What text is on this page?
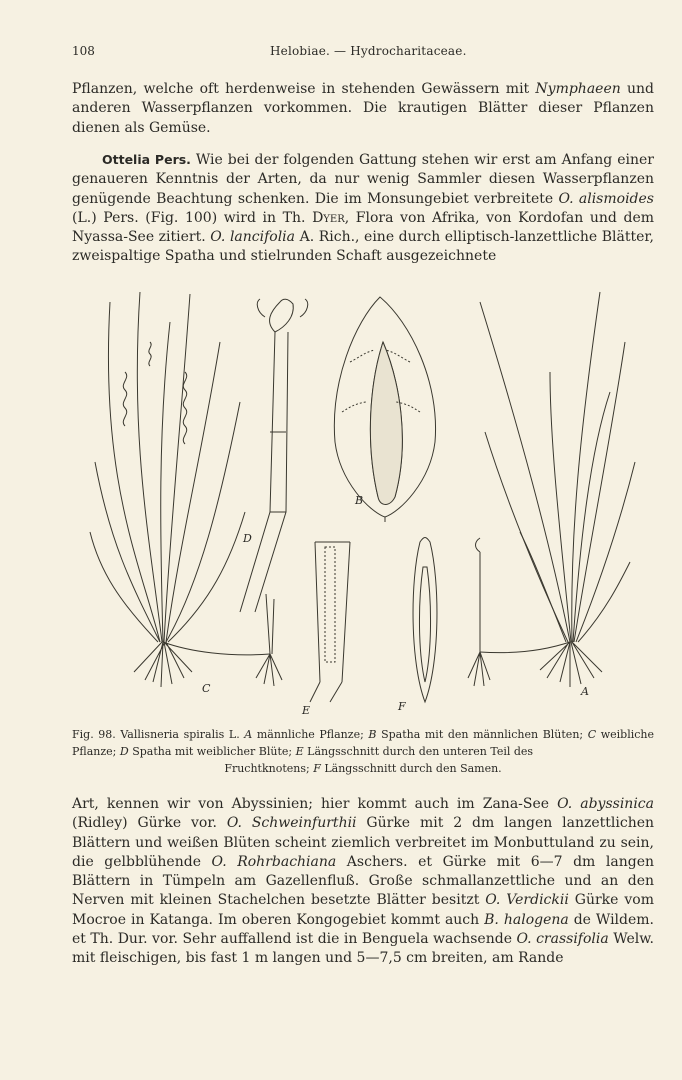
108	Helobiae. — Hydrocharitaceae.
Pflanzen, welche oft herdenweise in stehenden Gewässern mit Nymphaeen und anderen Wasserpflanzen vorkommen. Die krautigen Blätter dieser Pflanzen dienen als Gemüse.
Ottelia Pers. Wie bei der folgenden Gattung stehen wir erst am Anfang einer genaueren Kenntnis der Arten, da nur wenig Sammler diesen Wasserpflanzen genügende Beachtung schenken. Die im Monsungebiet verbreitete O. alismoides (L.) Pers. (Fig. 100) wird in Th. Dyer, Flora von Afrika, von Kordofan und dem Nyassa-See zitiert. O. lancifolia A. Rich., eine durch elliptisch-lanzettliche Blätter, zweispaltige Spatha und stielrunden Schaft ausgezeichnete
A
B
C
D
E	F
Fig. 98. Vallisneria spiralis L. A männliche Pflanze; B Spatha mit den männlichen Blüten; C weibliche Pflanze; D Spatha mit weiblicher Blüte; E Längsschnitt durch den unteren Teil des
Fruchtknotens; F Längsschnitt durch den Samen.
Art, kennen wir von Abyssinien; hier kommt auch im Zana-See O. abyssinica (Ridley) Gürke vor. O. Schweinfurthii Gürke mit 2 dm langen lanzettlichen Blättern und weißen Blüten scheint ziemlich verbreitet im Monbuttuland zu sein, die gelbblühende O. Rohrbachiana Aschers. et Gürke mit 6—7 dm langen Blättern in Tümpeln am Gazellenfluß. Große schmallanzettliche und an den Nerven mit kleinen Stachelchen besetzte Blätter besitzt O. Verdickii Gürke vom Mocroe in Katanga. Im oberen Kongogebiet kommt auch B. halogena de Wildem. et Th. Dur. vor. Sehr auffallend ist die in Benguela wachsende O. crassifolia Welw. mit fleischigen, bis fast 1 m langen und 5—7,5 cm breiten, am Rande
